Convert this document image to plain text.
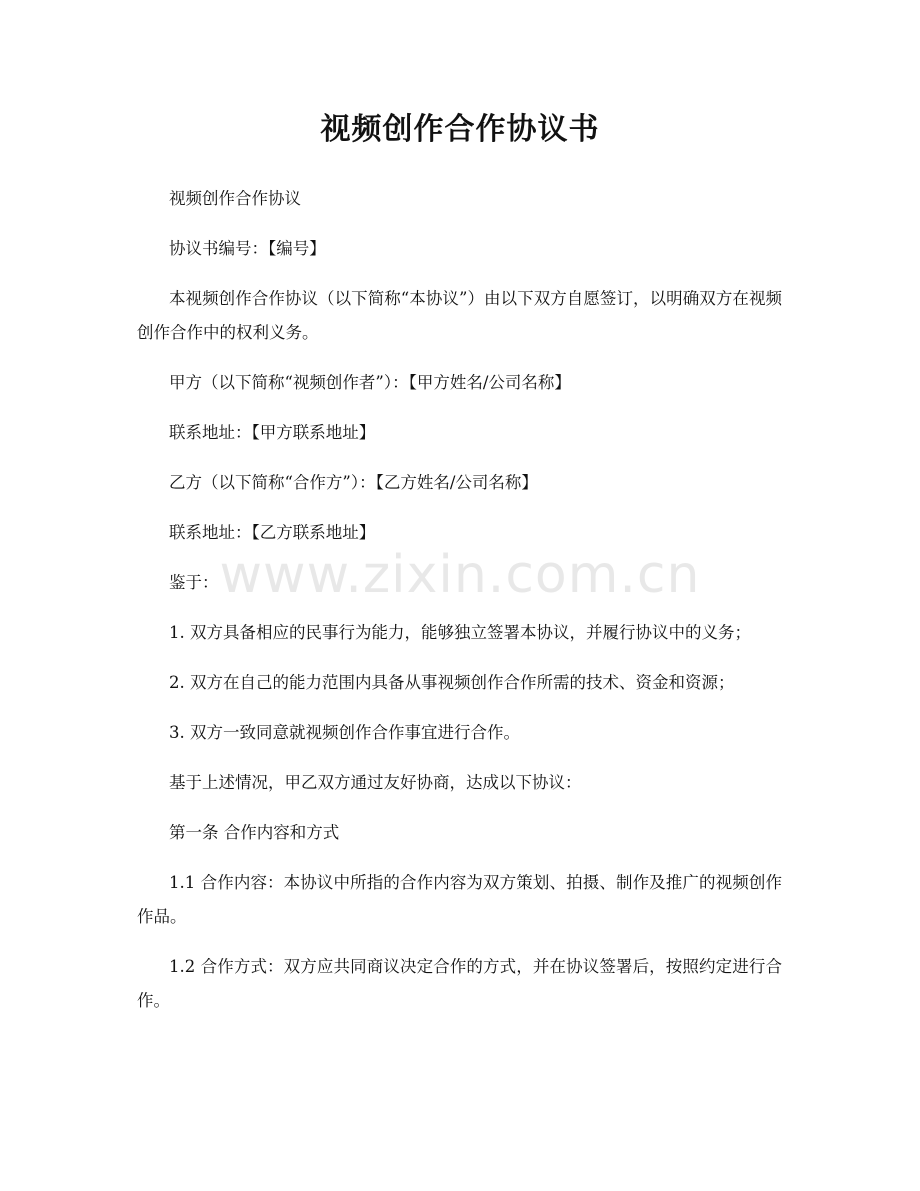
视频创作合作协议书

视频创作合作协议

协议书编号：【编号】

本视频创作合作协议（以下简称“本协议”）由以下双方自愿签订，以明确双方在视频创作合作中的权利义务。

甲方（以下简称“视频创作者”）：【甲方姓名/公司名称】

联系地址：【甲方联系地址】

乙方（以下简称“合作方”）：【乙方姓名/公司名称】

联系地址：【乙方联系地址】

鉴于：

1. 双方具备相应的民事行为能力，能够独立签署本协议，并履行协议中的义务；

2. 双方在自己的能力范围内具备从事视频创作合作所需的技术、资金和资源；

3. 双方一致同意就视频创作合作事宜进行合作。

基于上述情况，甲乙双方通过友好协商，达成以下协议：

第一条 合作内容和方式

1.1 合作内容：本协议中所指的合作内容为双方策划、拍摄、制作及推广的视频创作作品。

1.2 合作方式：双方应共同商议决定合作的方式，并在协议签署后，按照约定进行合作。

www.zixin.com.cn
